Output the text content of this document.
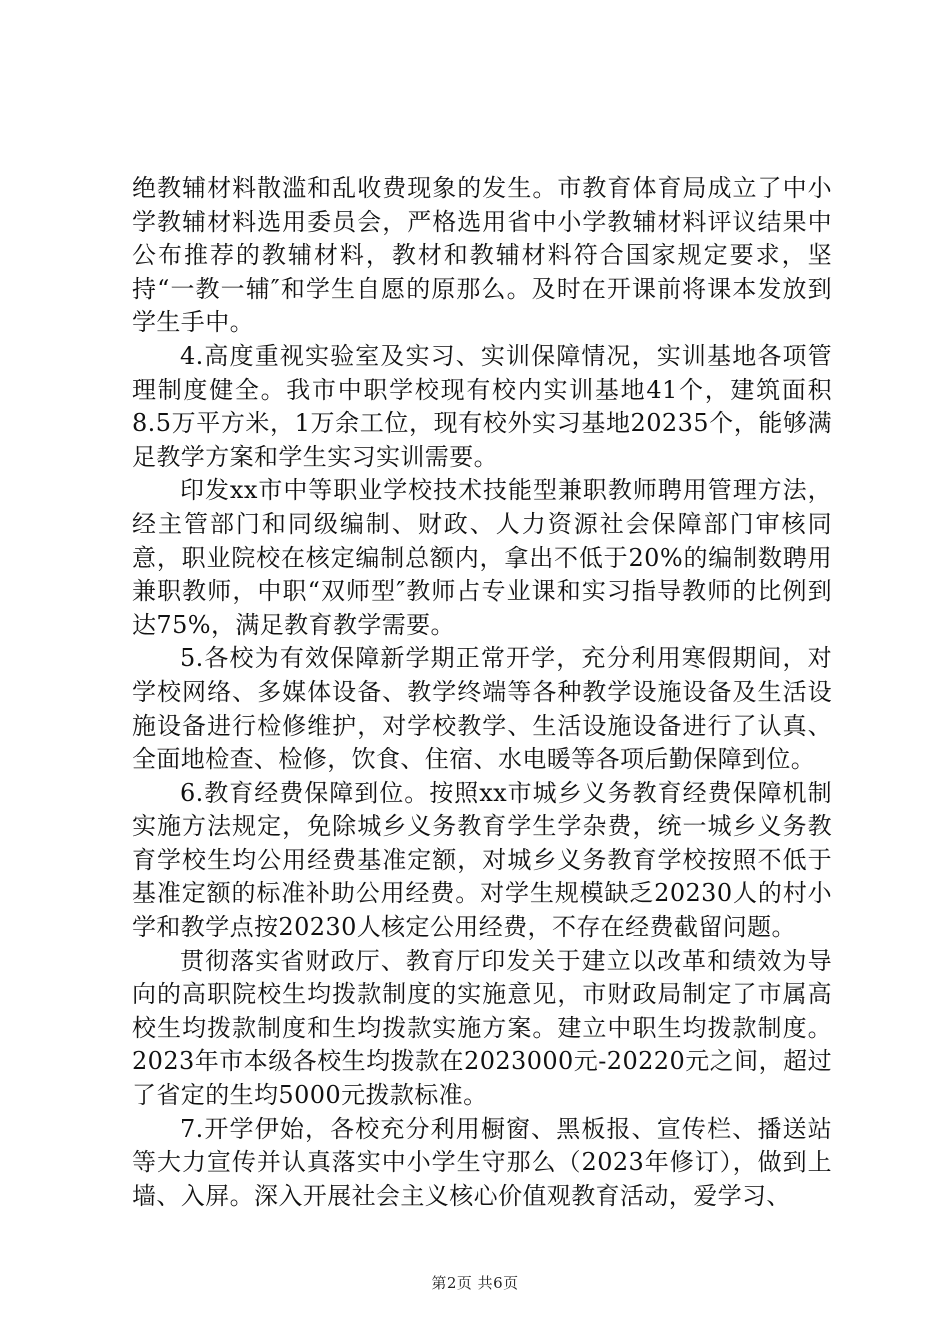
绝教辅材料散滥和乱收费现象的发生。市教育体育局成立了中小学教辅材料选用委员会，严格选用省中小学教辅材料评议结果中公布推荐的教辅材料，教材和教辅材料符合国家规定要求，坚持“一教一辅″和学生自愿的原那么。及时在开课前将课本发放到学生手中。

4.高度重视实验室及实习、实训保障情况，实训基地各项管理制度健全。我市中职学校现有校内实训基地41个，建筑面积8.5万平方米，1万余工位，现有校外实习基地20235个，能够满足教学方案和学生实习实训需要。

印发xx市中等职业学校技术技能型兼职教师聘用管理方法，经主管部门和同级编制、财政、人力资源社会保障部门审核同意，职业院校在核定编制总额内，拿出不低于20%的编制数聘用兼职教师，中职“双师型″教师占专业课和实习指导教师的比例到达75%，满足教育教学需要。

5.各校为有效保障新学期正常开学，充分利用寒假期间，对学校网络、多媒体设备、教学终端等各种教学设施设备及生活设施设备进行检修维护，对学校教学、生活设施设备进行了认真、全面地检查、检修，饮食、住宿、水电暖等各项后勤保障到位。

6.教育经费保障到位。按照xx市城乡义务教育经费保障机制实施方法规定，免除城乡义务教育学生学杂费，统一城乡义务教育学校生均公用经费基准定额，对城乡义务教育学校按照不低于基准定额的标准补助公用经费。对学生规模缺乏20230人的村小学和教学点按20230人核定公用经费，不存在经费截留问题。

贯彻落实省财政厅、教育厅印发关于建立以改革和绩效为导向的高职院校生均拨款制度的实施意见，市财政局制定了市属高校生均拨款制度和生均拨款实施方案。建立中职生均拨款制度。2023年市本级各校生均拨款在2023000元-20220元之间，超过了省定的生均5000元拨款标准。

7.开学伊始，各校充分利用橱窗、黑板报、宣传栏、播送站等大力宣传并认真落实中小学生守那么（2023年修订），做到上墙、入屏。深入开展社会主义核心价值观教育活动，爱学习、

第2页 共6页
